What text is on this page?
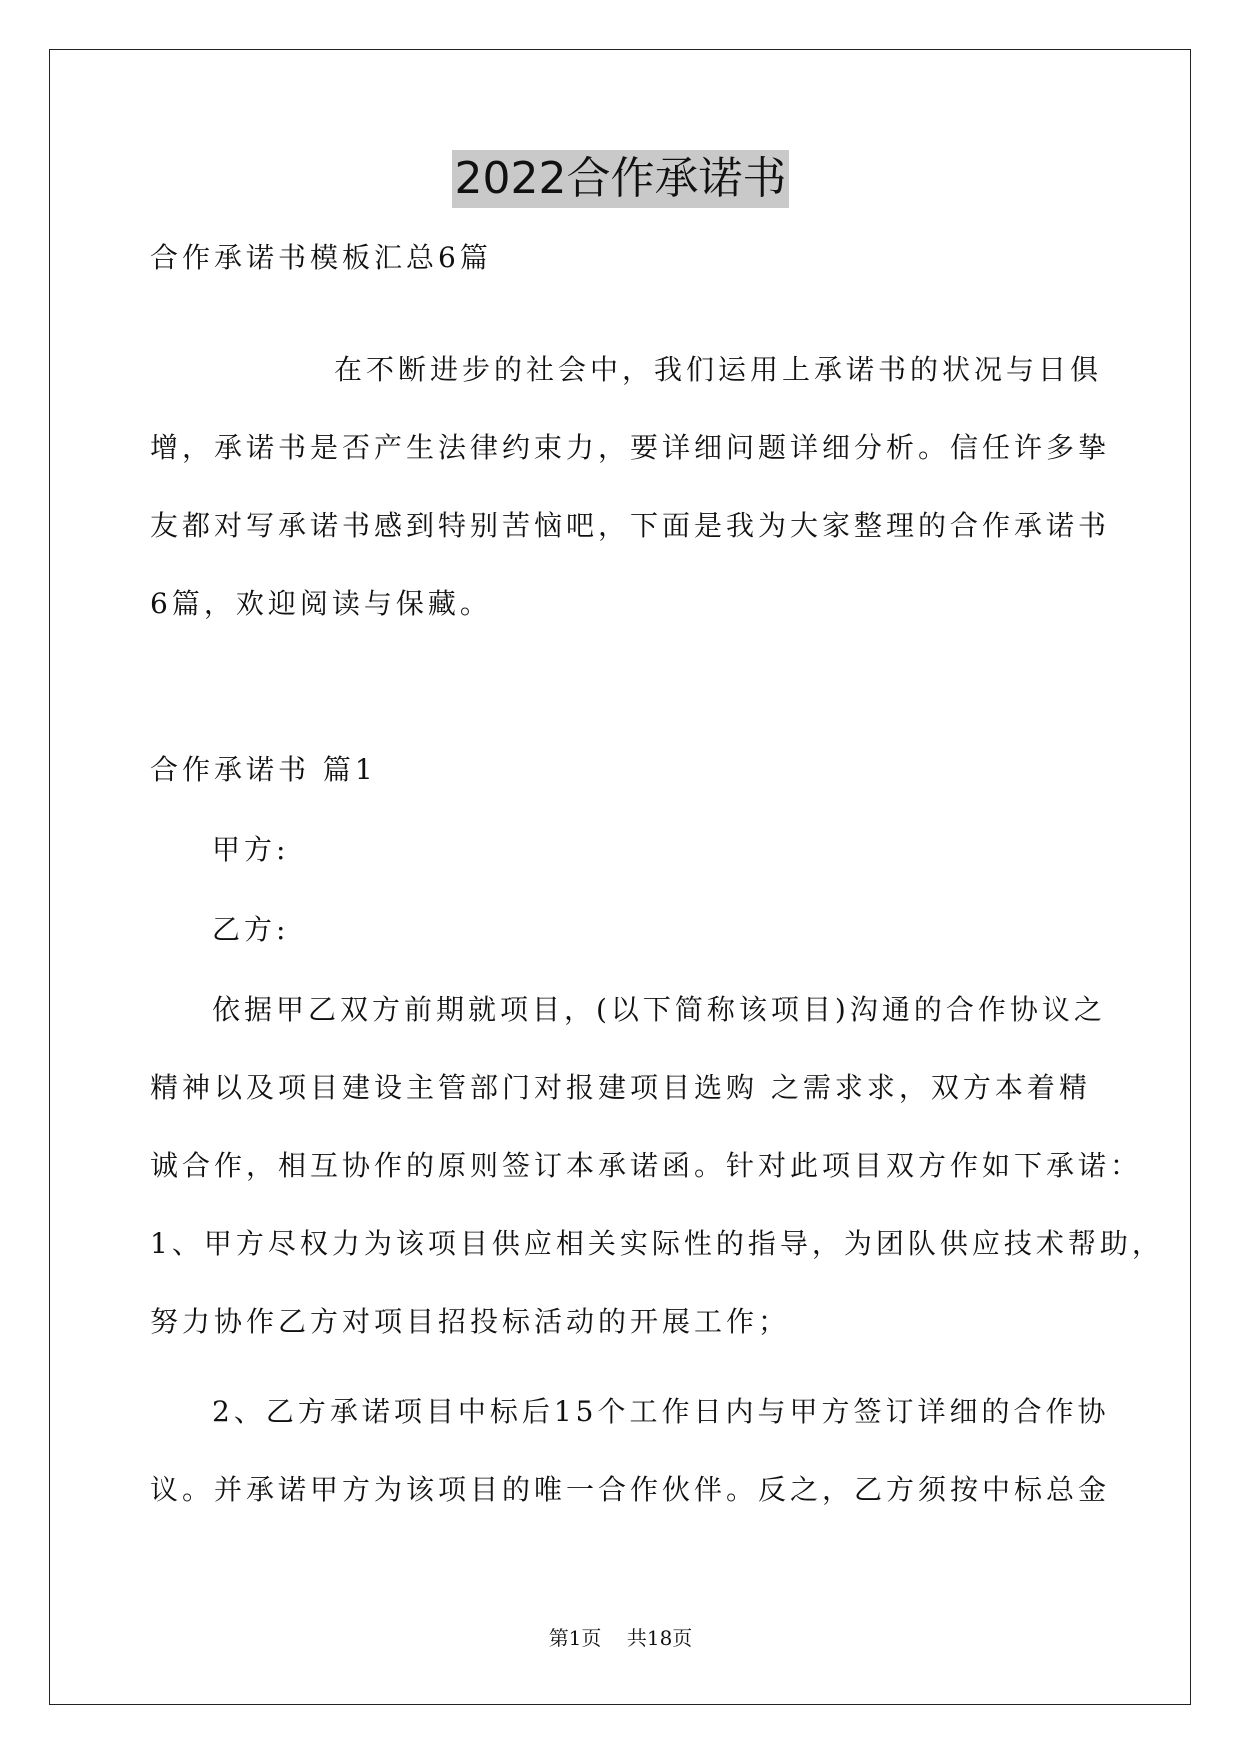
2022合作承诺书
合作承诺书模板汇总6篇
在不断进步的社会中，我们运用上承诺书的状况与日俱
增，承诺书是否产生法律约束力，要详细问题详细分析。信任许多挚
友都对写承诺书感到特别苦恼吧，下面是我为大家整理的合作承诺书
6篇，欢迎阅读与保藏。
合作承诺书 篇1
甲方:
乙方:
依据甲乙双方前期就项目，(以下简称该项目)沟通的合作协议之
精神以及项目建设主管部门对报建项目选购 之需求求，双方本着精
诚合作，相互协作的原则签订本承诺函。针对此项目双方作如下承诺：
1、甲方尽权力为该项目供应相关实际性的指导，为团队供应技术帮助，
努力协作乙方对项目招投标活动的开展工作；
2、乙方承诺项目中标后15个工作日内与甲方签订详细的合作协
议。并承诺甲方为该项目的唯一合作伙伴。反之，乙方须按中标总金
第1页 共18页
